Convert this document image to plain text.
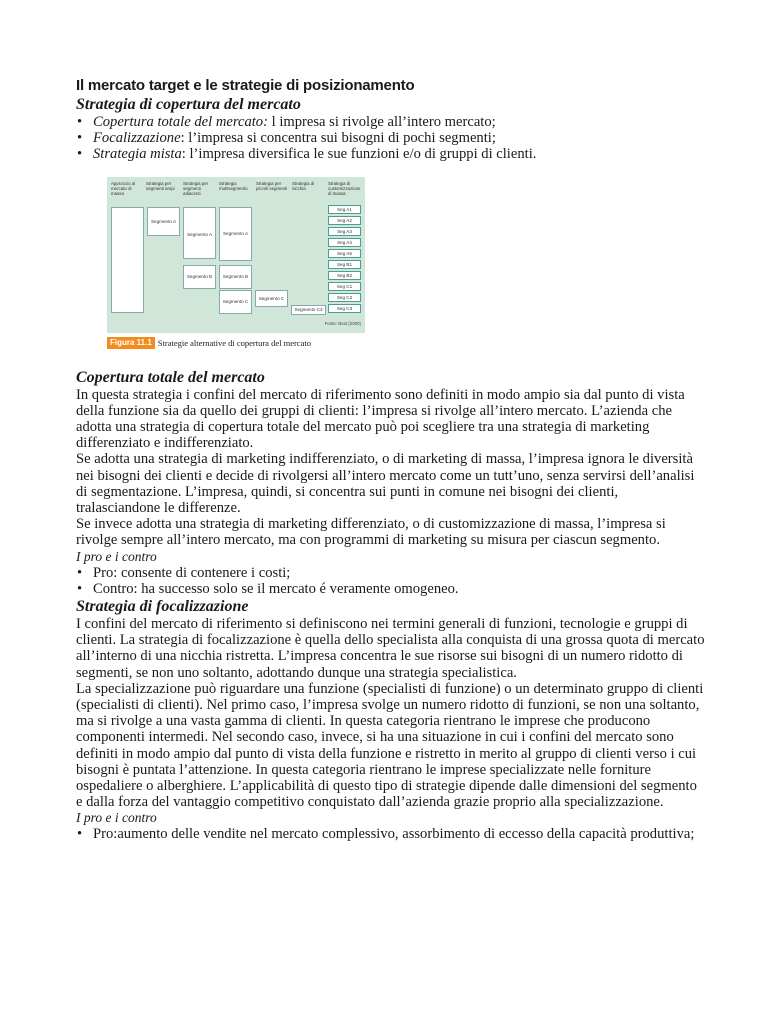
Il mercato target e le strategie di posizionamento
Strategia di copertura del mercato
• Copertura totale del mercato: l impresa si rivolge all’intero mercato;
• Focalizzazione: l’impresa si concentra sui bisogni di pochi segmenti;
• Strategia mista: l’impresa diversifica le sue funzioni e/o di gruppi di clienti.
Approccio al mercato di massa
Strategia per segmenti ampi
Strategia per segmenti adiacenti
Strategia multisegmento
Strategia per piccoli segmenti
Strategia di nicchia
Strategia di customizzazione di massa
Segmento A
Segmento A
Segmento B
Segmento A
Segmento B
Segmento C
Segmento C
Segmento C3
Seg A1
Seg A2
Seg A3
Seg A4
Seg A5
Seg B1
Seg B2
Seg C1
Seg C2
Seg C3
Fonte: Best (2000)
Figura 11.1 Strategie alternative di copertura del mercato
Copertura totale del mercato

In questa strategia i confini del mercato di riferimento sono definiti in modo ampio sia dal punto di vista della funzione sia da quello dei gruppi di clienti: l’impresa si rivolge all’intero mercato. L’azienda che adotta una strategia di copertura totale del mercato può poi scegliere tra una strategia di marketing differenziato e indifferenziato.

Se adotta una strategia di marketing indifferenziato, o di marketing di massa, l’impresa ignora le diversità nei bisogni dei clienti e decide di rivolgersi all’intero mercato come un tutt’uno, senza servirsi dell’analisi di segmentazione. L’impresa, quindi, si concentra sui punti in comune nei bisogni dei clienti, tralasciandone le differenze.

Se invece adotta una strategia di marketing differenziato, o di customizzazione di massa, l’impresa si rivolge sempre all’intero mercato, ma con programmi di marketing su misura per ciascun segmento.

I pro e i contro

• Pro: consente di contenere i costi;
• Contro: ha successo solo se il mercato é veramente omogeneo.
Strategia di focalizzazione

I confini del mercato di riferimento si definiscono nei termini generali di funzioni, tecnologie e gruppi di clienti. La strategia di focalizzazione è quella dello specialista alla conquista di una grossa quota di mercato all’interno di una nicchia ristretta. L’impresa concentra le sue risorse sui bisogni di un numero ridotto di segmenti, se non uno soltanto, adottando dunque una strategia specialistica.

La specializzazione può riguardare una funzione (specialisti di funzione) o un determinato gruppo di clienti (specialisti di clienti). Nel primo caso, l’impresa svolge un numero ridotto di funzioni, se non una soltanto, ma si rivolge a una vasta gamma di clienti. In questa categoria rientrano le imprese che producono componenti intermedi. Nel secondo caso, invece, si ha una situazione in cui i confini del mercato sono definiti in modo ampio dal punto di vista della funzione e ristretto in merito al gruppo di clienti verso i cui bisogni è puntata l’attenzione. In questa categoria rientrano le imprese specializzate nelle forniture ospedaliere o alberghiere. L’applicabilità di questo tipo di strategie dipende dalle dimensioni del segmento e dalla forza del vantaggio competitivo conquistato dall’azienda grazie proprio alla specializzazione.

I pro e i contro

• Pro:aumento delle vendite nel mercato complessivo, assorbimento di eccesso della capacità produttiva;
